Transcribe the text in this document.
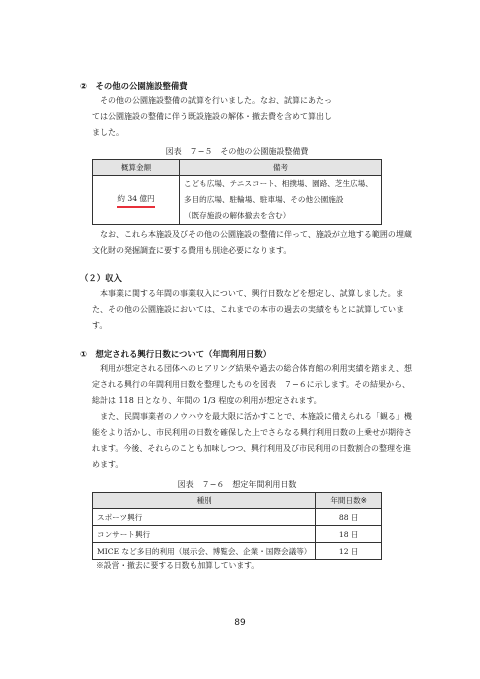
②　その他の公園施設整備費

その他の公園施設整備の試算を行いました。なお、試算にあたっては公園施設の整備に伴う既設施設の解体・撤去費を含めて算出しました。

図表　７−５　その他の公園施設整備費
概算金額	備考
約 34 億円	こども広場、テニスコート、相撲場、園路、芝生広場、
多目的広場、駐輪場、駐車場、その他公園施設
（既存施設の解体撤去を含む）

なお、これら本施設及びその他の公園施設の整備に伴って、施設が立地する範囲の埋蔵文化財の発掘調査に要する費用も別途必要になります。

（２）収入

本事業に関する年間の事業収入について、興行日数などを想定し、試算しました。また、その他の公園施設においては、これまでの本市の過去の実績をもとに試算しています。

①　想定される興行日数について（年間利用日数）

利用が想定される団体へのヒアリング結果や過去の総合体育館の利用実績を踏まえ、想定される興行の年間利用日数を整理したものを図表　７−６に示します。その結果から、総計は 118 日となり、年間の 1/3 程度の利用が想定されます。

また、民間事業者のノウハウを最大限に活かすことで、本施設に備えられる「観る」機能をより活かし、市民利用の日数を確保した上でさらなる興行利用日数の上乗せが期待されます。今後、それらのことも加味しつつ、興行利用及び市民利用の日数割合の整理を進めます。

図表　７−６　想定年間利用日数
種別	年間日数※
スポーツ興行	88 日
コンサート興行	18 日
MICE など多目的利用（展示会、博覧会、企業・国際会議等）	12 日
※設営・撤去に要する日数も加算しています。
89
